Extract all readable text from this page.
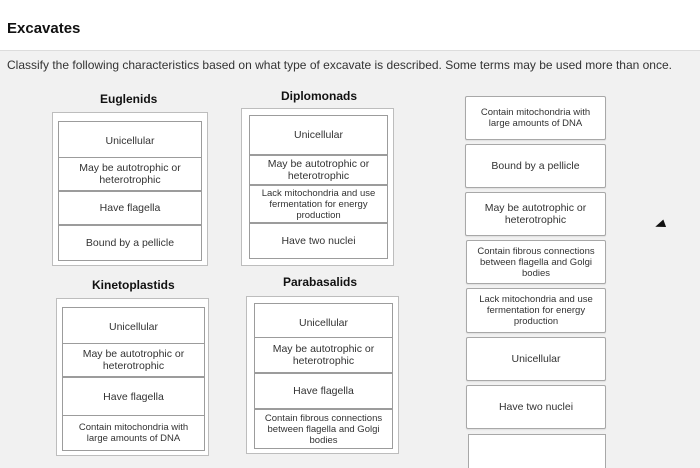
Excavates
Classify the following characteristics based on what type of excavate is described. Some terms may be used more than once.
Euglenids
Unicellular
May be autotrophic or heterotrophic
Have flagella
Bound by a pellicle
Diplomonads
Unicellular
May be autotrophic or heterotrophic
Lack mitochondria and use fermentation for energy production
Have two nuclei
Kinetoplastids
Unicellular
May be autotrophic or heterotrophic
Have flagella
Contain mitochondria with large amounts of DNA
Parabasalids
Unicellular
May be autotrophic or heterotrophic
Have flagella
Contain fibrous connections between flagella and Golgi bodies
Contain mitochondria with large amounts of DNA
Bound by a pellicle
May be autotrophic or heterotrophic
Contain fibrous connections between flagella and Golgi bodies
Lack mitochondria and use fermentation for energy production
Unicellular
Have two nuclei
